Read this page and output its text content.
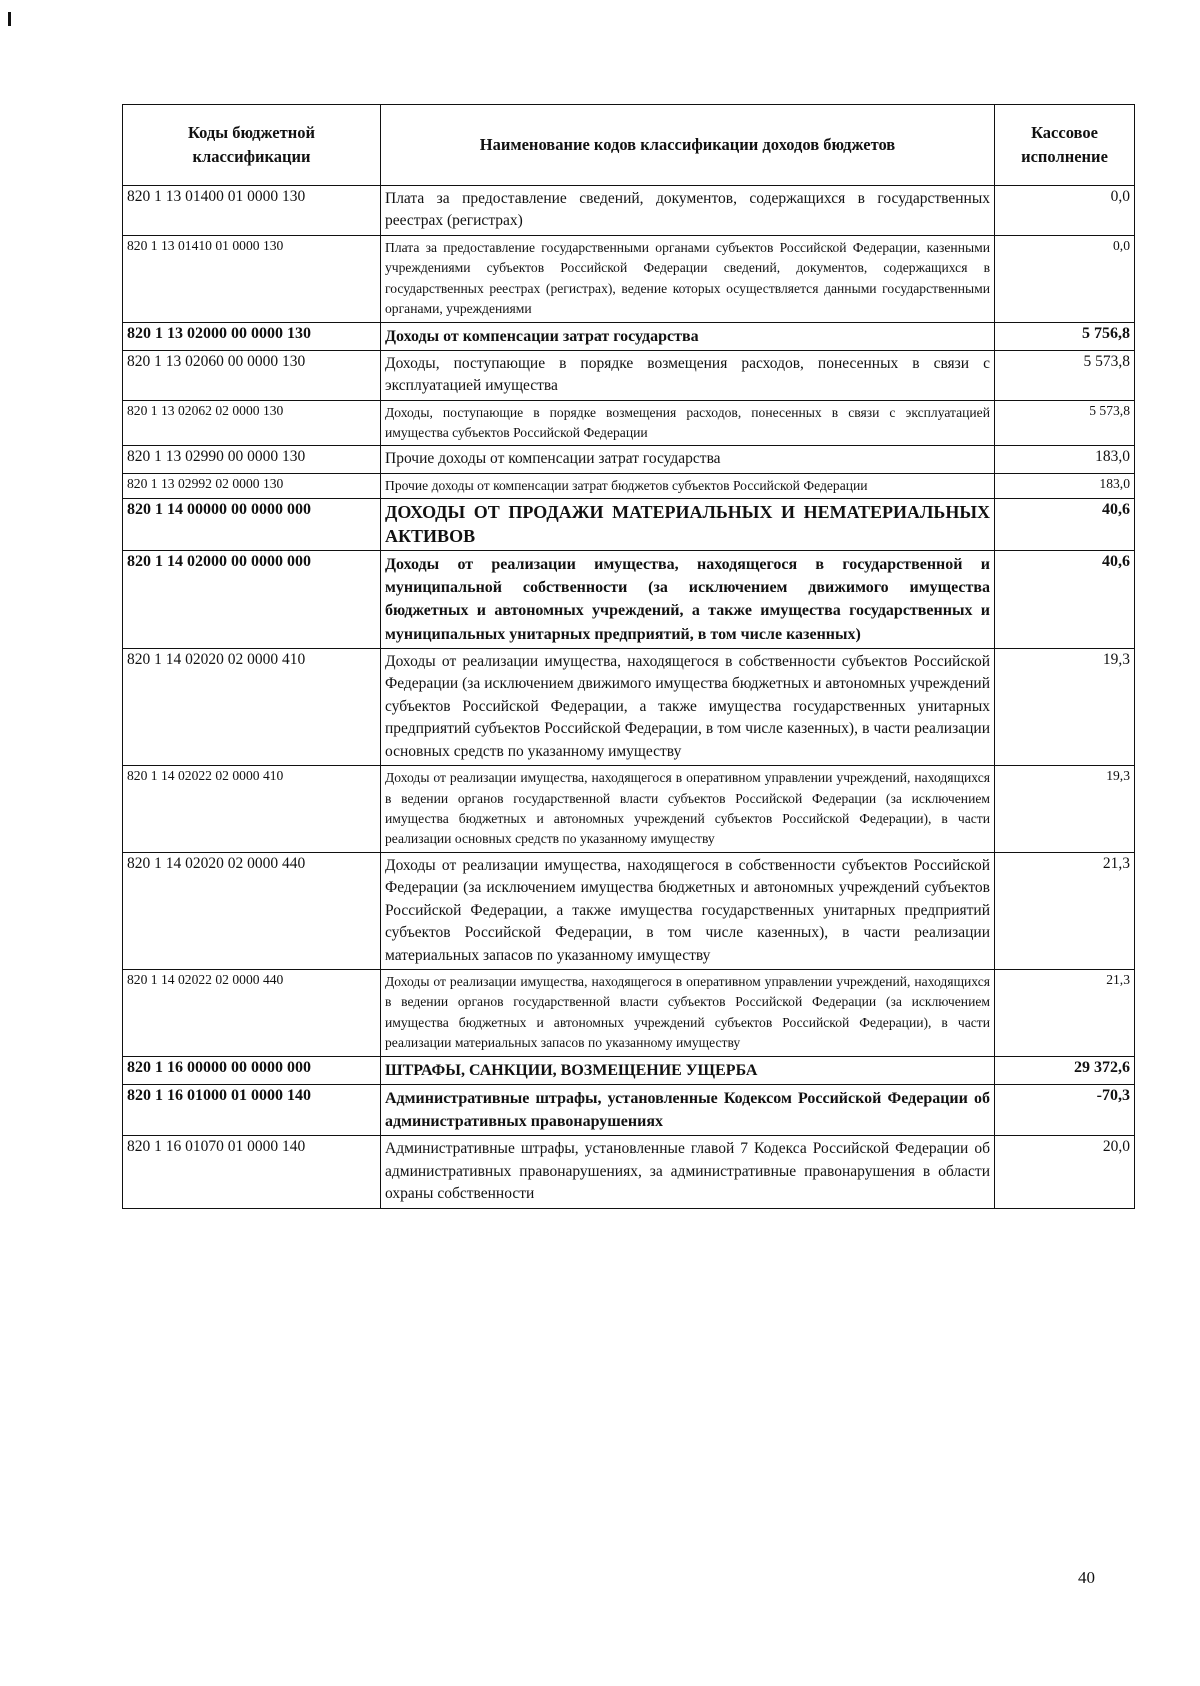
Коды бюджетной классификации	Наименование кодов классификации доходов бюджетов	Кассовое исполнение
820 1 13 01400 01 0000 130	Плата за предоставление сведений, документов, содержащихся в государственных реестрах (регистрах)	0,0
820 1 13 01410 01 0000 130	Плата за предоставление государственными органами субъектов Российской Федерации, казенными учреждениями субъектов Российской Федерации сведений, документов, содержащихся в государственных реестрах (регистрах), ведение которых осуществляется данными государственными органами, учреждениями	0,0
820 1 13 02000 00 0000 130	Доходы от компенсации затрат государства	5 756,8
820 1 13 02060 00 0000 130	Доходы, поступающие в порядке возмещения расходов, понесенных в связи с эксплуатацией имущества	5 573,8
820 1 13 02062 02 0000 130	Доходы, поступающие в порядке возмещения расходов, понесенных в связи с эксплуатацией имущества субъектов Российской Федерации	5 573,8
820 1 13 02990 00 0000 130	Прочие доходы от компенсации затрат государства	183,0
820 1 13 02992 02 0000 130	Прочие доходы от компенсации затрат бюджетов субъектов Российской Федерации	183,0
820 1 14 00000 00 0000 000	ДОХОДЫ ОТ ПРОДАЖИ МАТЕРИАЛЬНЫХ И НЕМАТЕРИАЛЬНЫХ АКТИВОВ	40,6
820 1 14 02000 00 0000 000	Доходы от реализации имущества, находящегося в государственной и муниципальной собственности (за исключением движимого имущества бюджетных и автономных учреждений, а также имущества государственных и муниципальных унитарных предприятий, в том числе казенных)	40,6
820 1 14 02020 02 0000 410	Доходы от реализации имущества, находящегося в собственности субъектов Российской Федерации (за исключением движимого имущества бюджетных и автономных учреждений субъектов Российской Федерации, а также имущества государственных унитарных предприятий субъектов Российской Федерации, в том числе казенных), в части реализации основных средств по указанному имуществу	19,3
820 1 14 02022 02 0000 410	Доходы от реализации имущества, находящегося в оперативном управлении учреждений, находящихся в ведении органов государственной власти субъектов Российской Федерации (за исключением имущества бюджетных и автономных учреждений субъектов Российской Федерации), в части реализации основных средств по указанному имуществу	19,3
820 1 14 02020 02 0000 440	Доходы от реализации имущества, находящегося в собственности субъектов Российской Федерации (за исключением имущества бюджетных и автономных учреждений субъектов Российской Федерации, а также имущества государственных унитарных предприятий субъектов Российской Федерации, в том числе казенных), в части реализации материальных запасов по указанному имуществу	21,3
820 1 14 02022 02 0000 440	Доходы от реализации имущества, находящегося в оперативном управлении учреждений, находящихся в ведении органов государственной власти субъектов Российской Федерации (за исключением имущества бюджетных и автономных учреждений субъектов Российской Федерации), в части реализации материальных запасов по указанному имуществу	21,3
820 1 16 00000 00 0000 000	ШТРАФЫ, САНКЦИИ, ВОЗМЕЩЕНИЕ УЩЕРБА	29 372,6
820 1 16 01000 01 0000 140	Административные штрафы, установленные Кодексом Российской Федерации об административных правонарушениях	-70,3
820 1 16 01070 01 0000 140	Административные штрафы, установленные главой 7 Кодекса Российской Федерации об административных правонарушениях, за административные правонарушения в области охраны собственности	20,0
40
